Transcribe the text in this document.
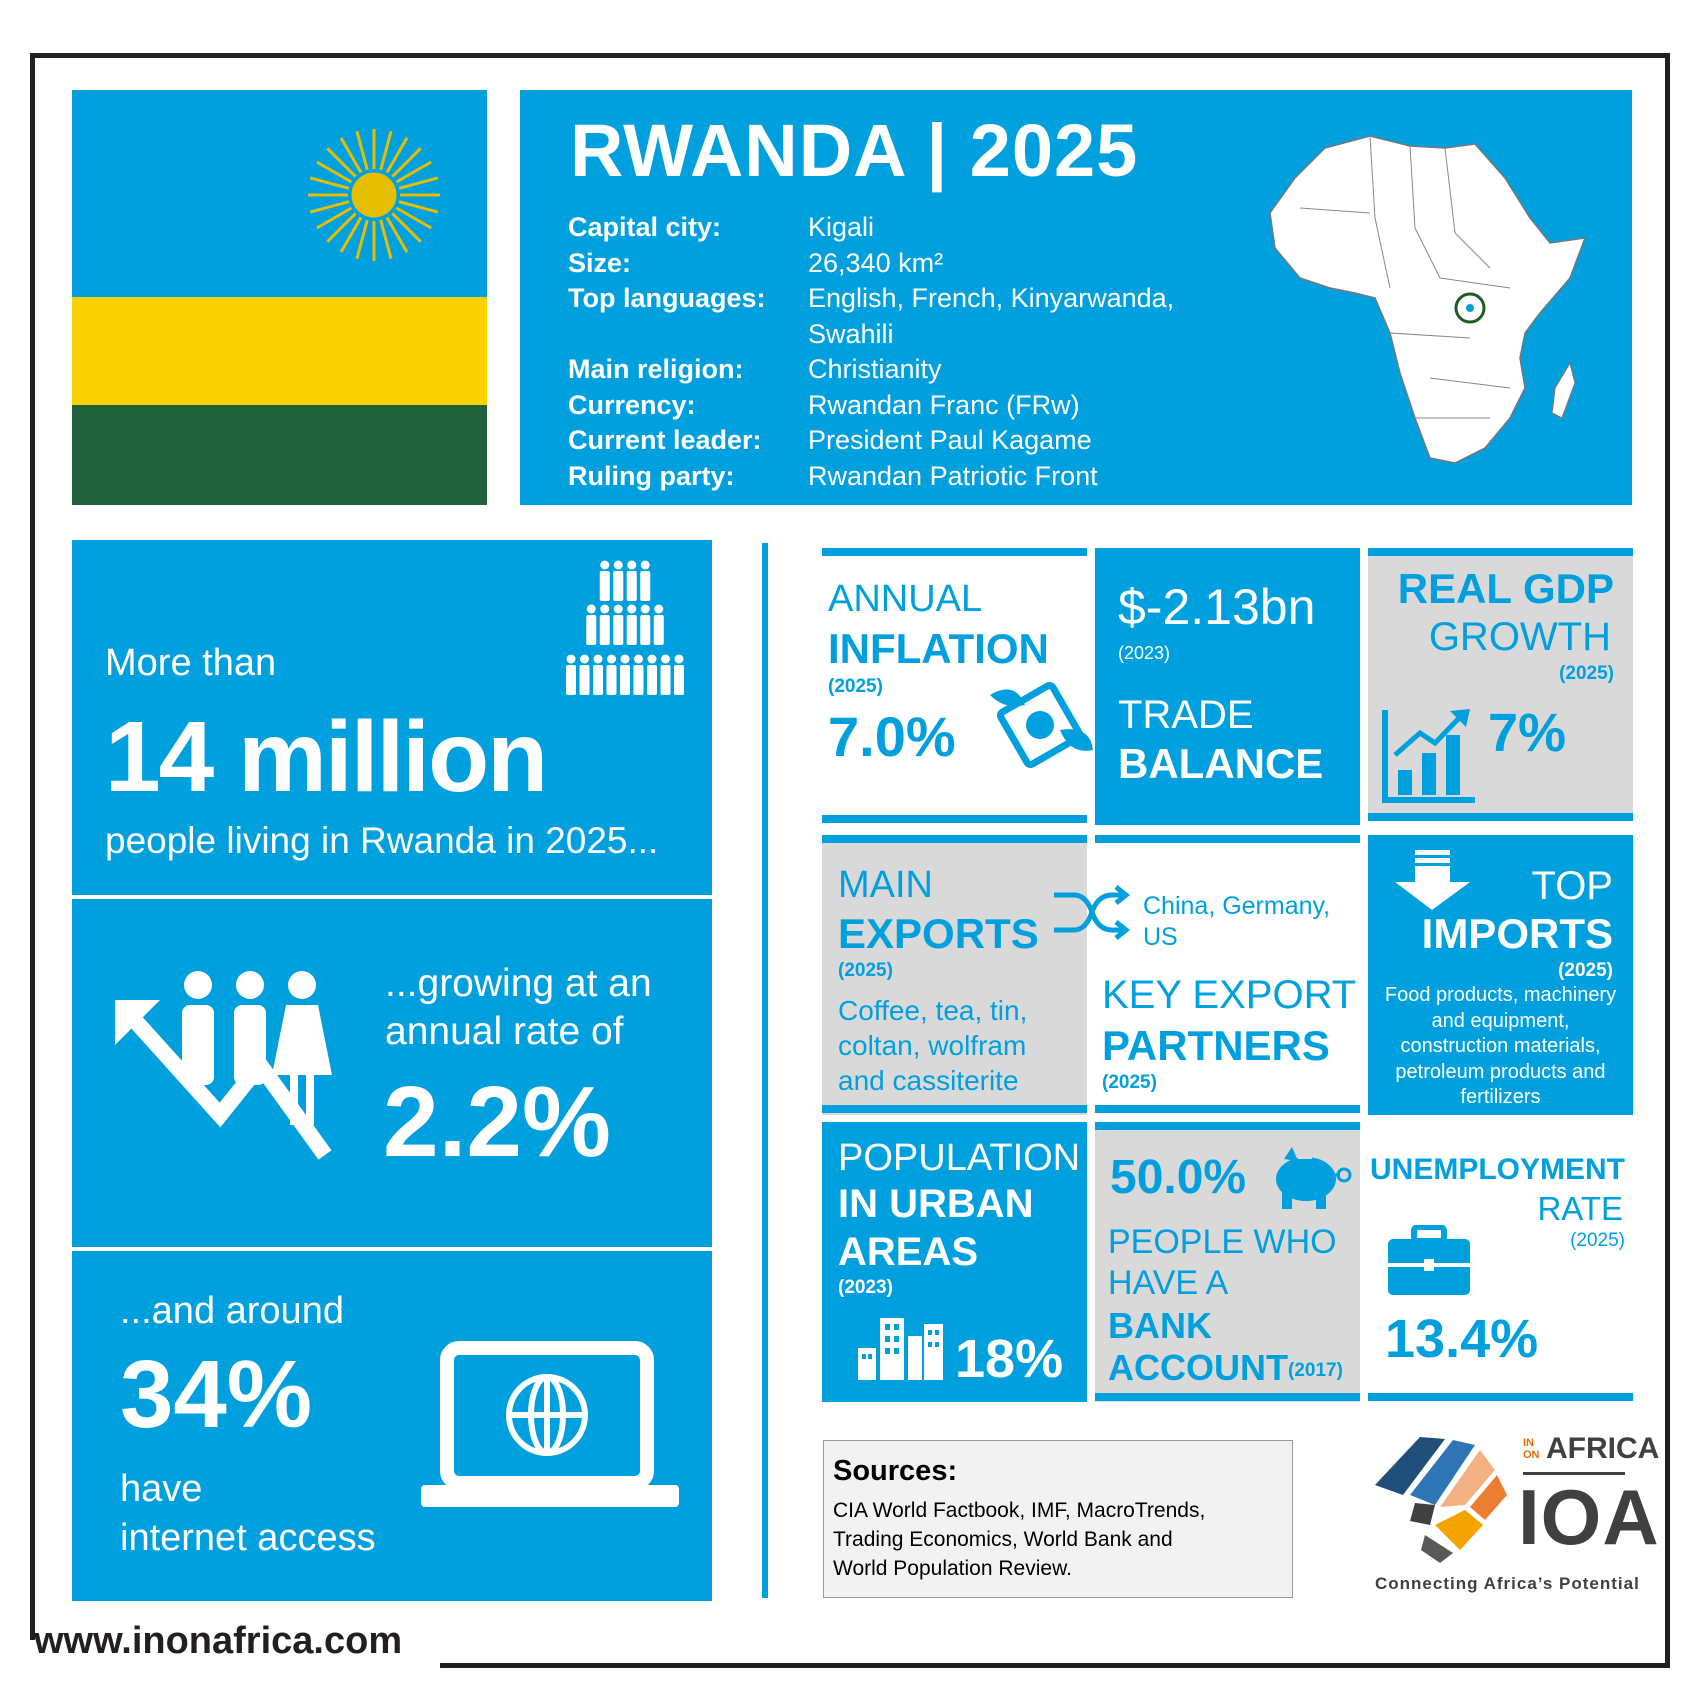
www.inonafrica.com
RWANDA | 2025
Capital city:	Kigali
Size:	26,340 km²
Top languages:	English, French, Kinyarwanda,
Swahili
Main religion:	Christianity
Currency:	Rwandan Franc (FRw)
Current leader:	President Paul Kagame
Ruling party:	Rwandan Patriotic Front
More than
14 million
people living in Rwanda in 2025...
...growing at an
annual rate of
2.2%
...and around
34%
have
internet access
ANNUAL
INFLATION
(2025)
7.0%
$-2.13bn
(2023)
TRADE
BALANCE
REAL GDP
GROWTH
(2025)
7%
MAIN
EXPORTS
(2025)
Coffee, tea, tin,
coltan, wolfram
and cassiterite
China, Germany,
US
KEY EXPORT
PARTNERS
(2025)
TOP
IMPORTS
(2025)
Food products, machinery
and equipment,
construction materials,
petroleum products and
fertilizers
POPULATION
IN URBAN
AREAS
(2023)
18%
50.0%
PEOPLE WHO
HAVE A
BANK
ACCOUNT (2017)
UNEMPLOYMENT
RATE
(2025)
13.4%
Sources:
CIA World Factbook, IMF, MacroTrends,
Trading Economics, World Bank and
World Population Review.
IN ON AFRICA
IOA
Connecting Africa’s Potential
